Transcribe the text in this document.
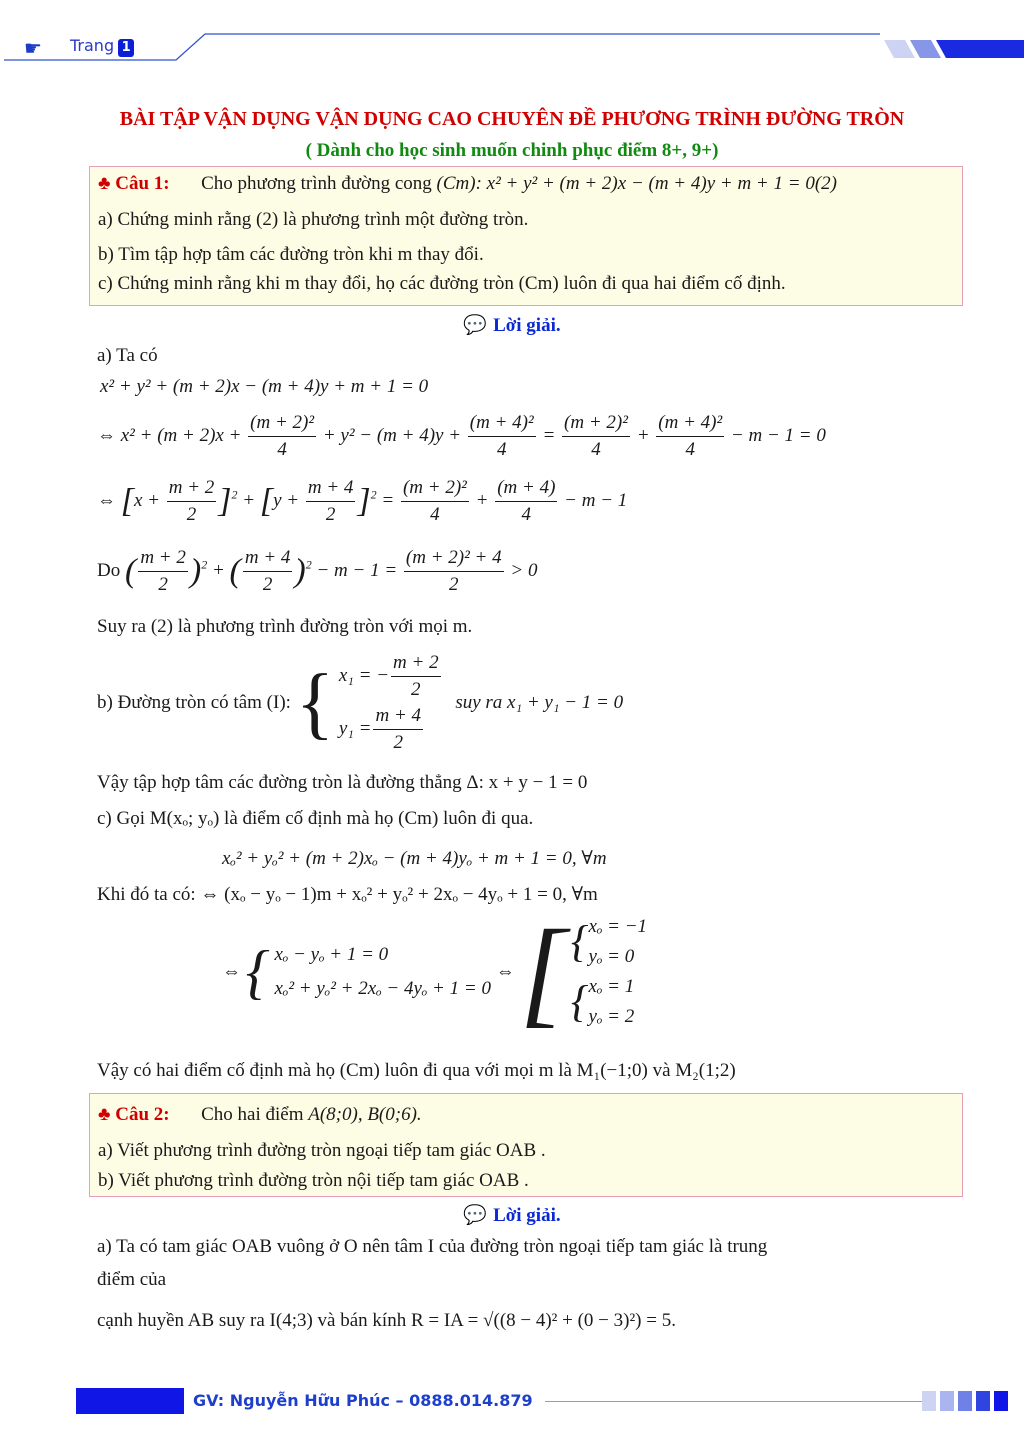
☛ Trang 1
BÀI TẬP VẬN DỤNG VẬN DỤNG CAO CHUYÊN ĐỀ PHƯƠNG TRÌNH ĐƯỜNG TRÒN
( Dành cho học sinh muốn chinh phục điểm 8+, 9+)
♣ Câu 1: Cho phương trình đường cong (Cm): x² + y² + (m + 2)x − (m + 4)y + m + 1 = 0(2)
a) Chứng minh rằng (2) là phương trình một đường tròn.
b) Tìm tập hợp tâm các đường tròn khi m thay đổi.
c) Chứng minh rằng khi m thay đổi, họ các đường tròn (Cm) luôn đi qua hai điểm cố định.
💬 Lời giải.
a) Ta có
x² + y² + (m + 2)x − (m + 4)y + m + 1 = 0
⇔ $x^2 + (m + 2)x + \frac{\text{(m + 2)²}}{4} + y^2 - (m + 4)y + \frac{\text{(m + 4)²}}{4} = \frac{\text{(m + 2)²}}{4} + \frac{\text{(m + 4)²}}{4} - m - 1 = 0$
⇔ $[x + \frac{m + 2}{2} ]^2 + [y + \frac{m + 4}{2} ]^2 = \frac{\text{(m + 2)²}}{4} + \frac{(m + 4)}{4} - m - 1$
Do ( $\frac{m + 2}{2} )^2$ + ( $\frac{m + 4}{2} )^2 - m - 1 = \frac{\text{(m + 2)² + 4}}{2} > 0$
Suy ra (2) là phương trình đường tròn với mọi m.
b) Đường tròn có tâm (I): { x₁ = − $\frac{m + 2}{2}$
$y_1 = \frac{m + 4}{2}$
suy ra x₁ + y₁ − 1 = 0
Vậy tập hợp tâm các đường tròn là đường thẳng Δ: x + y − 1 = 0
c) Gọi M(xₒ; yₒ) là điểm cố định mà họ (Cm) luôn đi qua.
xₒ² + yₒ² + (m + 2)xₒ − (m + 4)yₒ + m + 1 = 0, ∀m
Khi đó ta có: ⇔ (xₒ − yₒ − 1)m + xₒ² + yₒ² + 2xₒ − 4yₒ + 1 = 0, ∀m
⇔ { xₒ − yₒ + 1 = 0
xₒ² + yₒ² + 2xₒ − 4yₒ + 1 = 0
⇔ [ { xₒ = −1
yₒ = 0
{ xₒ = 1
yₒ = 2
Vậy có hai điểm cố định mà họ (Cm) luôn đi qua với mọi m là M₁(−1;0) và M₂(1;2)
♣ Câu 2: Cho hai điểm A(8;0), B(0;6).
a) Viết phương trình đường tròn ngoại tiếp tam giác OAB .
b) Viết phương trình đường tròn nội tiếp tam giác OAB .
💬 Lời giải.
a) Ta có tam giác OAB vuông ở O nên tâm I của đường tròn ngoại tiếp tam giác là trung
điểm của
cạnh huyền AB suy ra I(4;3) và bán kính R = IA = √((8 − 4)² + (0 − 3)²) = 5.
GV: Nguyễn Hữu Phúc – 0888.014.879
